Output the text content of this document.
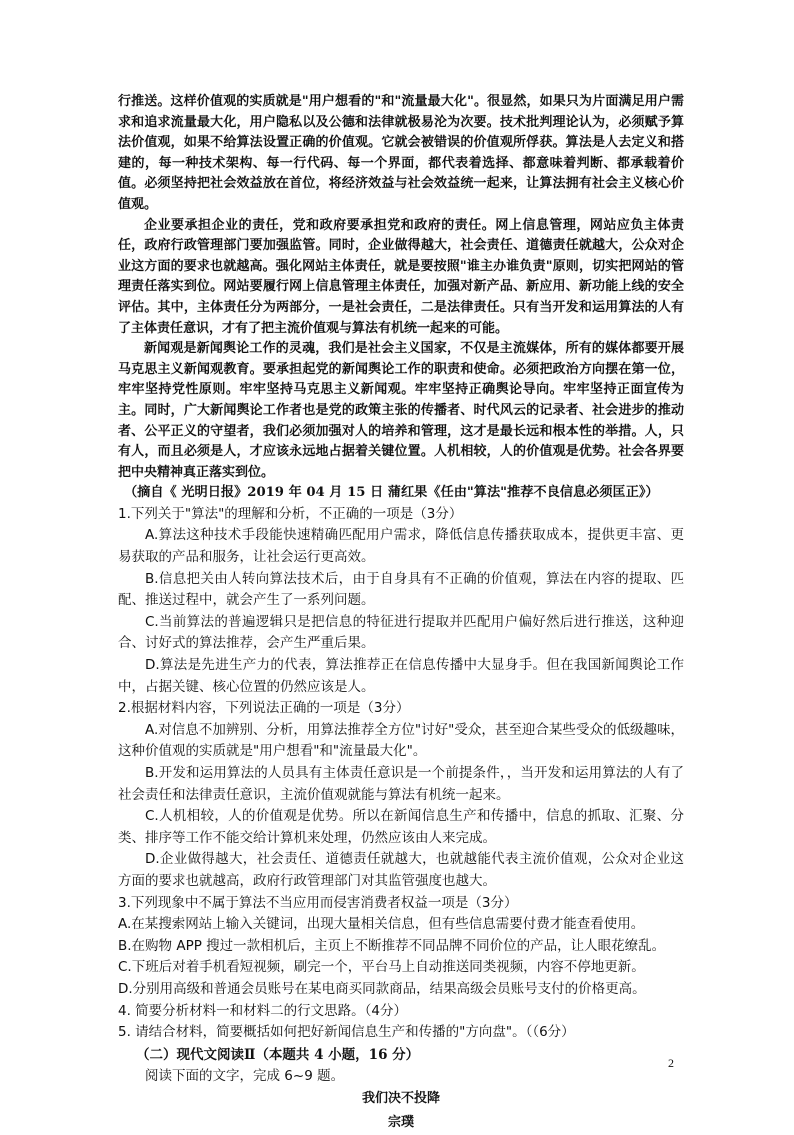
行推送。这样价值观的实质就是"用户想看的"和"流量最大化"。很显然，如果只为片面满足用户需求和追求流量最大化，用户隐私以及公德和法律就极易沦为次要。技术批判理论认为，必须赋予算法价值观，如果不给算法设置正确的价值观。它就会被错误的价值观所俘获。算法是人去定义和搭建的，每一种技术架构、每一行代码、每一个界面，都代表着选择、都意味着判断、都承载着价值。必须坚持把社会效益放在首位，将经济效益与社会效益统一起来，让算法拥有社会主义核心价值观。

企业要承担企业的责任，党和政府要承担党和政府的责任。网上信息管理，网站应负主体责任，政府行政管理部门要加强监管。同时，企业做得越大，社会责任、道德责任就越大，公众对企业这方面的要求也就越高。强化网站主体责任，就是要按照"谁主办谁负责"原则，切实把网站的管理责任落实到位。网站要履行网上信息管理主体责任，加强对新产品、新应用、新功能上线的安全评估。其中，主体责任分为两部分，一是社会责任，二是法律责任。只有当开发和运用算法的人有了主体责任意识，才有了把主流价值观与算法有机统一起来的可能。

新闻观是新闻舆论工作的灵魂，我们是社会主义国家，不仅是主流媒体，所有的媒体都要开展马克思主义新闻观教育。要承担起党的新闻舆论工作的职责和使命。必须把政治方向摆在第一位，牢牢坚持党性原则。牢牢坚持马克思主义新闻观。牢牢坚持正确舆论导向。牢牢坚持正面宣传为主。同时，广大新闻舆论工作者也是党的政策主张的传播者、时代风云的记录者、社会进步的推动者、公平正义的守望者，我们必须加强对人的培养和管理，这才是最长远和根本性的举措。人，只有人，而且必须是人，才应该永远地占据着关键位置。人机相较，人的价值观是优势。社会各界要把中央精神真正落实到位。

（摘自《 光明日报》2019 年 04 月 15 日 蒲红果《任由"算法"推荐不良信息必须匡正》）

1.下列关于"算法"的理解和分析，不正确的一项是（3分）

A.算法这种技术手段能快速精确匹配用户需求，降低信息传播获取成本，提供更丰富、更易获取的产品和服务，让社会运行更高效。

B.信息把关由人转向算法技术后，由于自身具有不正确的价值观，算法在内容的提取、匹配、推送过程中，就会产生了一系列问题。

C.当前算法的普遍逻辑只是把信息的特征进行提取并匹配用户偏好然后进行推送，这种迎合、讨好式的算法推荐，会产生严重后果。

D.算法是先进生产力的代表，算法推荐正在信息传播中大显身手。但在我国新闻舆论工作中，占据关键、核心位置的仍然应该是人。

2.根据材料内容，下列说法正确的一项是（3分）

A.对信息不加辨别、分析，用算法推荐全方位"讨好"受众，甚至迎合某些受众的低级趣味，这种价值观的实质就是"用户想看"和"流量最大化"。

B.开发和运用算法的人员具有主体责任意识是一个前提条件，，当开发和运用算法的人有了社会责任和法律责任意识，主流价值观就能与算法有机统一起来。

C.人机相较，人的价值观是优势。所以在新闻信息生产和传播中，信息的抓取、汇聚、分类、排序等工作不能交给计算机来处理，仍然应该由人来完成。

D.企业做得越大，社会责任、道德责任就越大，也就越能代表主流价值观，公众对企业这方面的要求也就越高，政府行政管理部门对其监管强度也越大。

3.下列现象中不属于算法不当应用而侵害消费者权益一项是（3分）

A.在某搜索网站上输入关键词，出现大量相关信息，但有些信息需要付费才能查看使用。

B.在购物 APP 搜过一款相机后，主页上不断推荐不同品牌不同价位的产品，让人眼花缭乱。

C.下班后对着手机看短视频，刷完一个，平台马上自动推送同类视频，内容不停地更新。

D.分别用高级和普通会员账号在某电商买同款商品，结果高级会员账号支付的价格更高。

4. 简要分析材料一和材料二的行文思路。（4分）

5. 请结合材料，简要概括如何把好新闻信息生产和传播的"方向盘"。（（6分）

（二）现代文阅读Ⅱ（本题共 4 小题，16 分）

阅读下面的文字，完成 6~9 题。

我们决不投降

宗璞

2
